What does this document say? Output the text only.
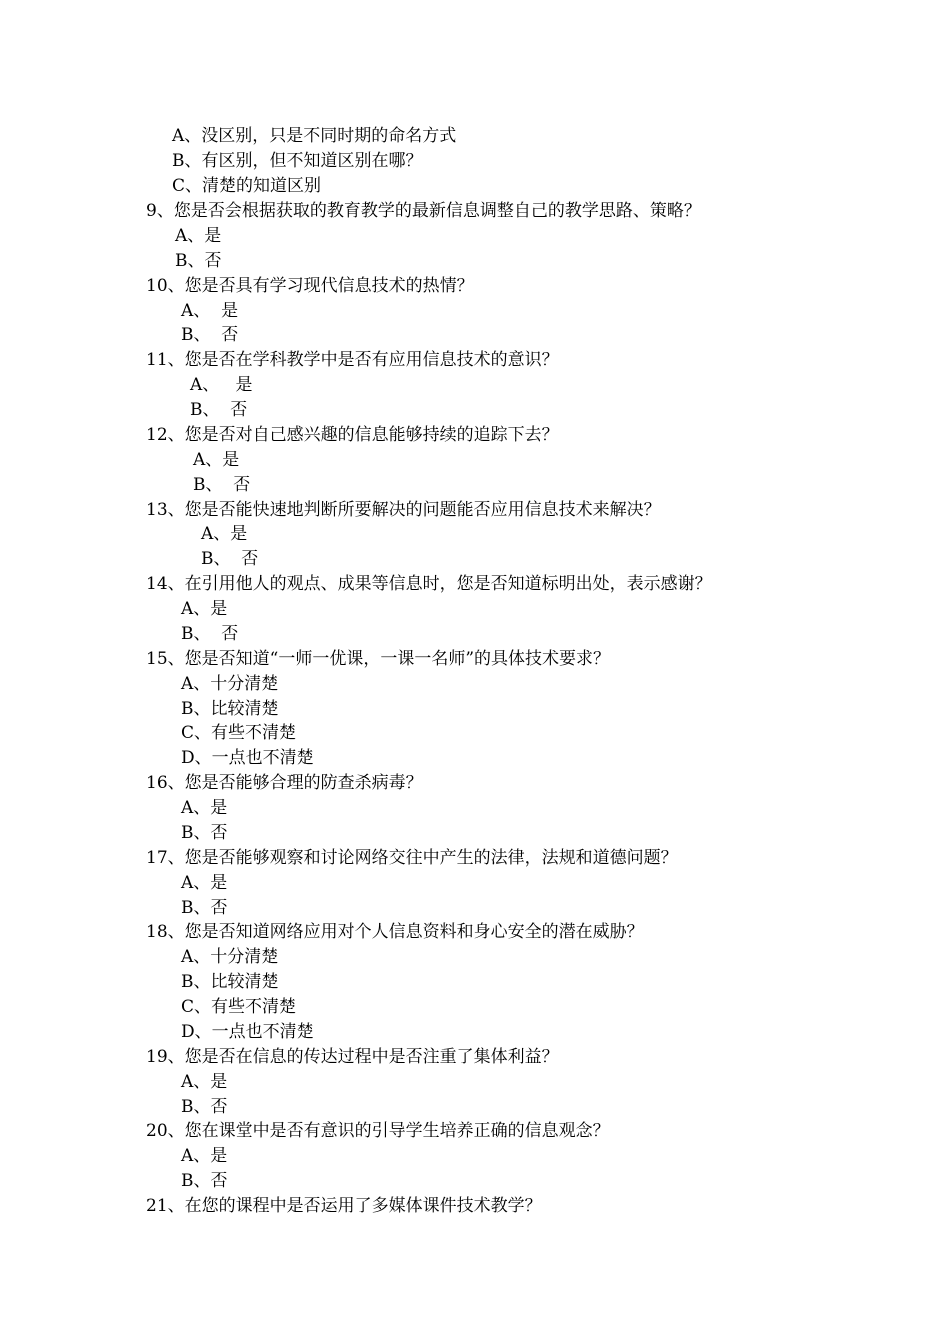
A、没区别，只是不同时期的命名方式
B、有区别，但不知道区别在哪？
C、清楚的知道区别
9、您是否会根据获取的教育教学的最新信息调整自己的教学思路、策略？
A、是
B、否
10、您是否具有学习现代信息技术的热情？
A、  是
B、  否
11、您是否在学科教学中是否有应用信息技术的意识？
A、   是
B、  否
12、您是否对自己感兴趣的信息能够持续的追踪下去？
A、是
B、  否
13、您是否能快速地判断所要解决的问题能否应用信息技术来解决？
A、是
B、  否
14、在引用他人的观点、成果等信息时，您是否知道标明出处，表示感谢？
A、是
B、  否
15、您是否知道“一师一优课，一课一名师”的具体技术要求？
A、十分清楚
B、比较清楚
C、有些不清楚
D、一点也不清楚
16、您是否能够合理的防查杀病毒？
A、是
B、否
17、您是否能够观察和讨论网络交往中产生的法律，法规和道德问题？
A、是
B、否
18、您是否知道网络应用对个人信息资料和身心安全的潜在威胁？
A、十分清楚
B、比较清楚
C、有些不清楚
D、一点也不清楚
19、您是否在信息的传达过程中是否注重了集体利益？
A、是
B、否
20、您在课堂中是否有意识的引导学生培养正确的信息观念？
A、是
B、否
21、在您的课程中是否运用了多媒体课件技术教学？
